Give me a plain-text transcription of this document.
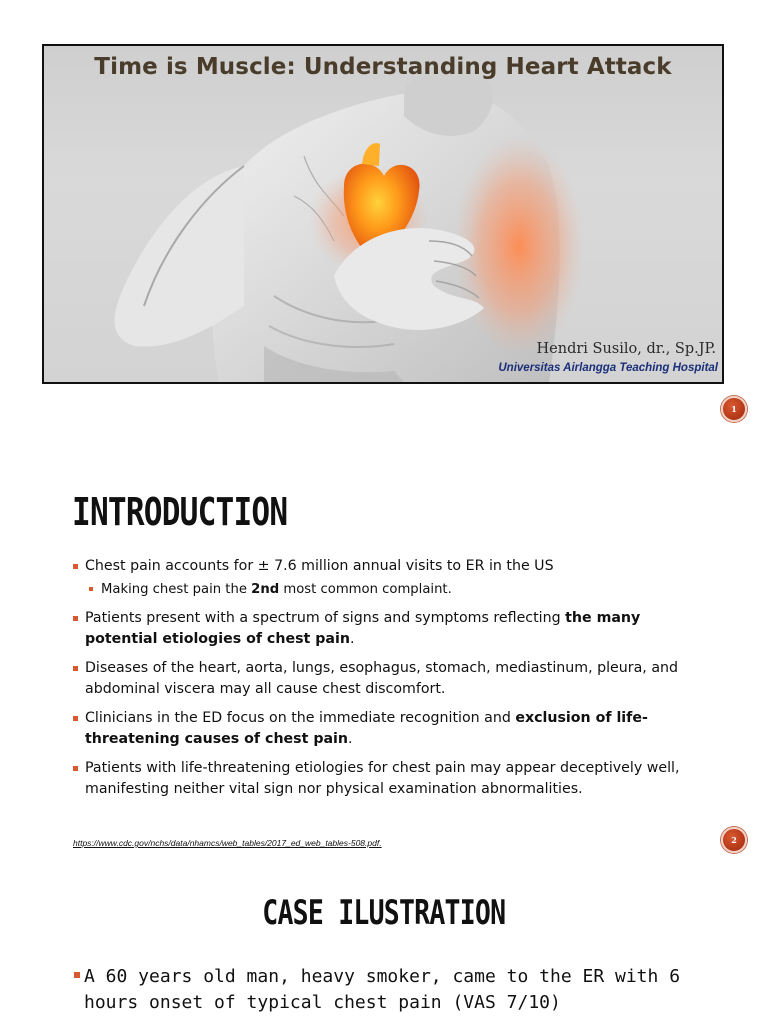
Time is Muscle: Understanding Heart Attack
Hendri Susilo, dr., Sp.JP.
Universitas Airlangga Teaching Hospital
1
INTRODUCTION
Chest pain accounts for ± 7.6 million annual visits to ER in the US
Making chest pain the 2nd most common complaint.
Patients present with a spectrum of signs and symptoms reflecting the many potential etiologies of chest pain.
Diseases of the heart, aorta, lungs, esophagus, stomach, mediastinum, pleura, and abdominal viscera may all cause chest discomfort.
Clinicians in the ED focus on the immediate recognition and exclusion of life-threatening causes of chest pain.
Patients with life-threatening etiologies for chest pain may appear deceptively well, manifesting neither vital sign nor physical examination abnormalities.
https://www.cdc.gov/nchs/data/nhamcs/web_tables/2017_ed_web_tables-508.pdf.	2
CASE ILUSTRATION
A 60 years old man, heavy smoker, came to the ER with 6 hours onset of typical chest pain (VAS 7/10)
